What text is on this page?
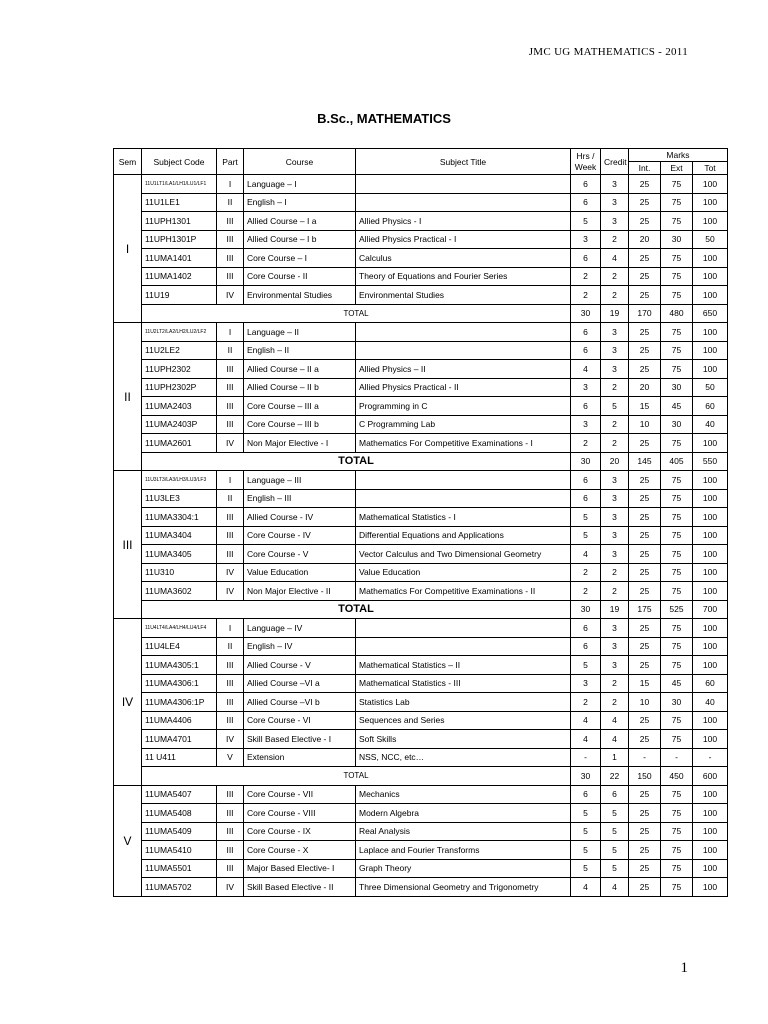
JMC UG MATHEMATICS - 2011
B.Sc., MATHEMATICS
Sem	Subject Code	Part	Course	Subject Title	Hrs / Week	Credit	Marks		
							Int.	Ext	Tot
I	11U1LT1/LA1/LH1/LU1/LF1	I	Language – I		6	3	25	75	100
	11U1LE1	II	English – I		6	3	25	75	100
	11UPH1301	III	Allied Course – I a	Allied Physics - I	5	3	25	75	100
	11UPH1301P	III	Allied Course – I b	Allied Physics Practical - I	3	2	20	30	50
	11UMA1401	III	Core Course – I	Calculus	6	4	25	75	100
	11UMA1402	III	Core Course - II	Theory of Equations and Fourier Series	2	2	25	75	100
	11U19	IV	Environmental Studies	Environmental Studies	2	2	25	75	100
	TOTAL				30	19	170	480	650
II	11U2LT2/LA2/LH2/LU2/LF2	I	Language – II		6	3	25	75	100
	11U2LE2	II	English – II		6	3	25	75	100
	11UPH2302	III	Allied Course – II a	Allied Physics – II	4	3	25	75	100
	11UPH2302P	III	Allied Course – II b	Allied Physics Practical - II	3	2	20	30	50
	11UMA2403	III	Core Course – III a	Programming in C	6	5	15	45	60
	11UMA2403P	III	Core Course – III b	C Programming Lab	3	2	10	30	40
	11UMA2601	IV	Non Major Elective - I	Mathematics For Competitive Examinations - I	2	2	25	75	100
	TOTAL				30	20	145	405	550
III	11U3LT3/LA3/LH3/LU3/LF3	I	Language – III		6	3	25	75	100
	11U3LE3	II	English – III		6	3	25	75	100
	11UMA3304:1	III	Allied Course - IV	Mathematical Statistics - I	5	3	25	75	100
	11UMA3404	III	Core Course - IV	Differential Equations and Applications	5	3	25	75	100
	11UMA3405	III	Core Course - V	Vector Calculus and Two Dimensional Geometry	4	3	25	75	100
	11U310	IV	Value Education	Value Education	2	2	25	75	100
	11UMA3602	IV	Non Major Elective - II	Mathematics For Competitive Examinations - II	2	2	25	75	100
	TOTAL				30	19	175	525	700
IV	11U4LT4/LA4/LH4/LU4/LF4	I	Language – IV		6	3	25	75	100
	11U4LE4	II	English – IV		6	3	25	75	100
	11UMA4305:1	III	Allied Course - V	Mathematical Statistics – II	5	3	25	75	100
	11UMA4306:1	III	Allied Course –VI a	Mathematical Statistics - III	3	2	15	45	60
	11UMA4306:1P	III	Allied Course –VI b	Statistics Lab	2	2	10	30	40
	11UMA4406	III	Core Course - VI	Sequences and Series	4	4	25	75	100
	11UMA4701	IV	Skill Based Elective - I	Soft Skills	4	4	25	75	100
	11 U411	V	Extension	NSS, NCC, etc…	-	1	-	-	-
	TOTAL				30	22	150	450	600
V	11UMA5407	III	Core Course - VII	Mechanics	6	6	25	75	100
	11UMA5408	III	Core Course - VIII	Modern Algebra	5	5	25	75	100
	11UMA5409	III	Core Course - IX	Real Analysis	5	5	25	75	100
	11UMA5410	III	Core Course - X	Laplace and Fourier Transforms	5	5	25	75	100
	11UMA5501	III	Major Based Elective- I	Graph Theory	5	5	25	75	100
	11UMA5702	IV	Skill Based Elective - II	Three Dimensional Geometry and Trigonometry	4	4	25	75	100
1
